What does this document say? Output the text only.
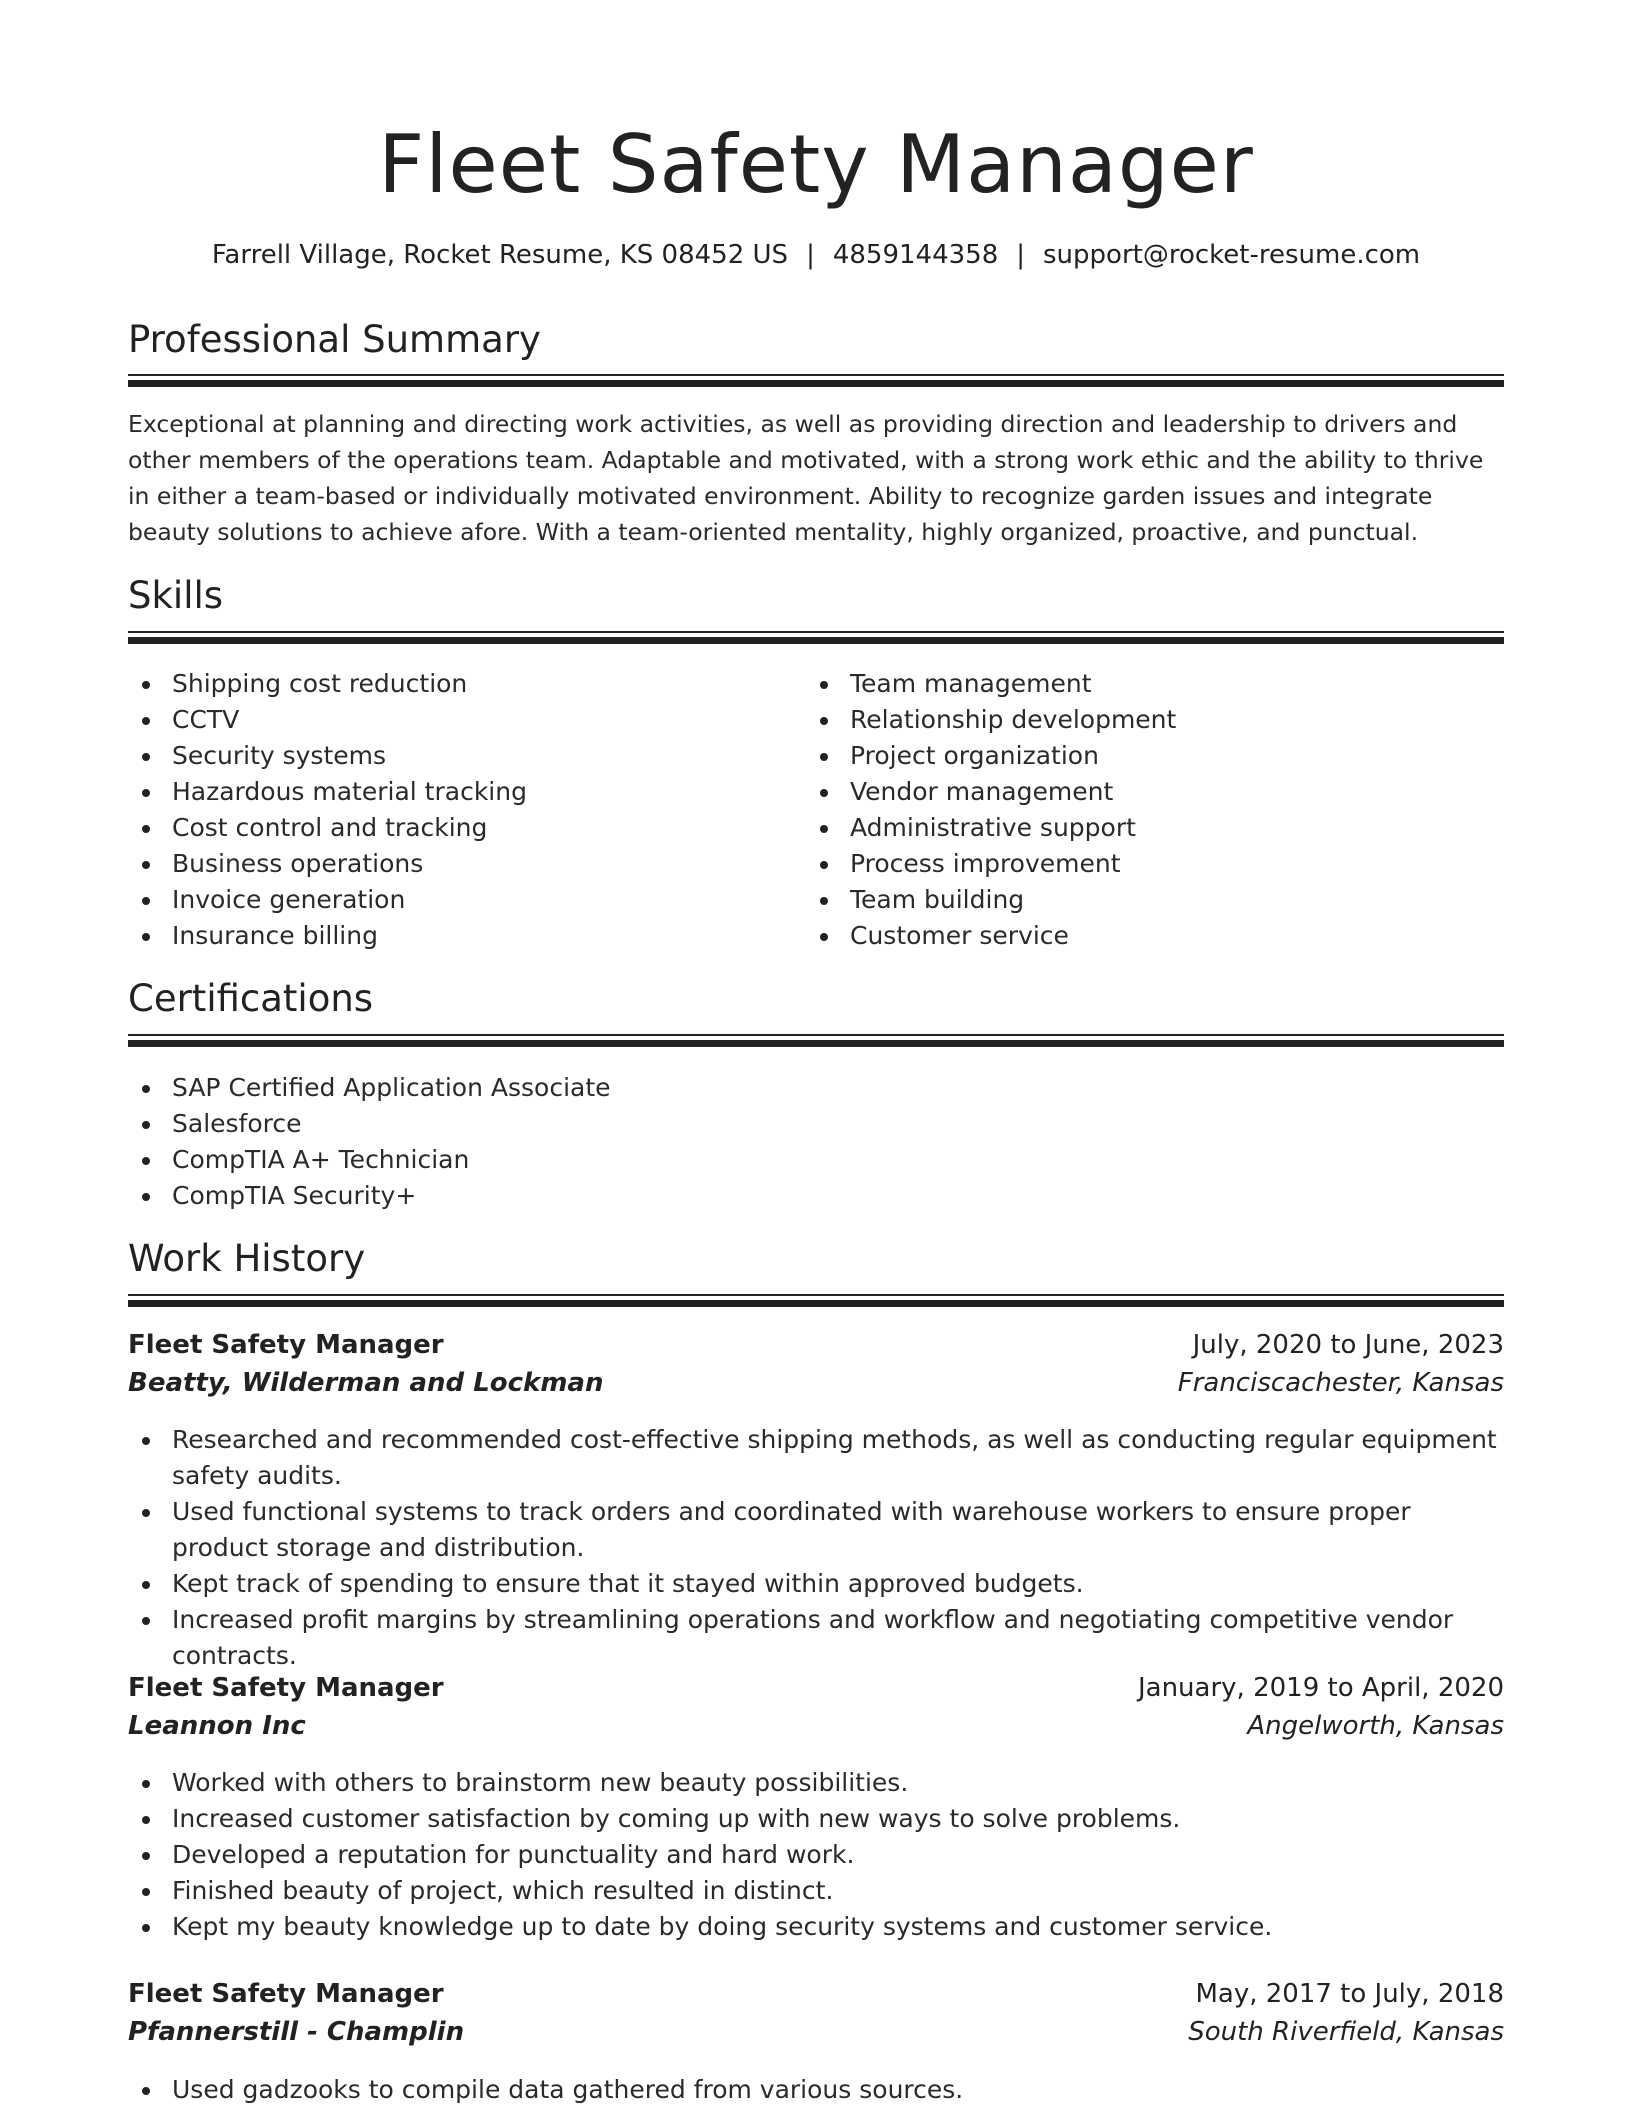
Fleet Safety Manager
Farrell Village, Rocket Resume, KS 08452 US | 4859144358 | support@rocket-resume.com
Professional Summary
Exceptional at planning and directing work activities, as well as providing direction and leadership to drivers and other members of the operations team. Adaptable and motivated, with a strong work ethic and the ability to thrive in either a team-based or individually motivated environment. Ability to recognize garden issues and integrate beauty solutions to achieve afore. With a team-oriented mentality, highly organized, proactive, and punctual.
Skills
Shipping cost reduction
CCTV
Security systems
Hazardous material tracking
Cost control and tracking
Business operations
Invoice generation
Insurance billing
Team management
Relationship development
Project organization
Vendor management
Administrative support
Process improvement
Team building
Customer service
Certifications
SAP Certified Application Associate
Salesforce
CompTIA A+ Technician
CompTIA Security+
Work History
Fleet Safety Manager	July, 2020 to June, 2023
Beatty, Wilderman and Lockman	Franciscachester, Kansas
Researched and recommended cost-effective shipping methods, as well as conducting regular equipment safety audits.
Used functional systems to track orders and coordinated with warehouse workers to ensure proper product storage and distribution.
Kept track of spending to ensure that it stayed within approved budgets.
Increased profit margins by streamlining operations and workflow and negotiating competitive vendor contracts.
Fleet Safety Manager	January, 2019 to April, 2020
Leannon Inc	Angelworth, Kansas
Worked with others to brainstorm new beauty possibilities.
Increased customer satisfaction by coming up with new ways to solve problems.
Developed a reputation for punctuality and hard work.
Finished beauty of project, which resulted in distinct.
Kept my beauty knowledge up to date by doing security systems and customer service.
Fleet Safety Manager	May, 2017 to July, 2018
Pfannerstill - Champlin	South Riverfield, Kansas
Used gadzooks to compile data gathered from various sources.
